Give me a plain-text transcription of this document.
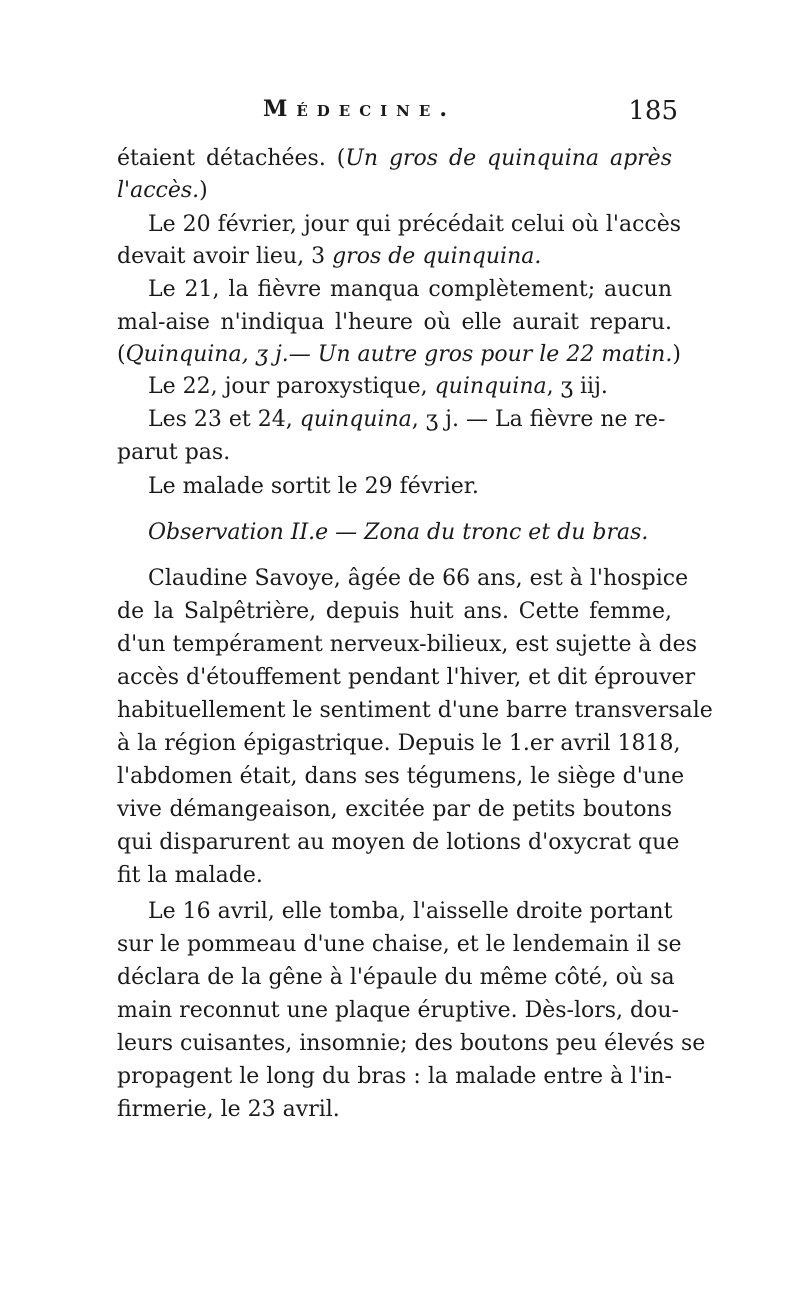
Médecine.	185
étaient détachées. (Un gros de quinquina après
l'accès.)
Le 20 février, jour qui précédait celui où l'accès
devait avoir lieu, 3 gros de quinquina.
Le 21, la fièvre manqua complètement; aucun
mal-aise n'indiqua l'heure où elle aurait reparu.
(Quinquina, ʒ j.— Un autre gros pour le 22 matin.)
Le 22, jour paroxystique, quinquina, ʒ iij.
Les 23 et 24, quinquina, ʒ j. — La fièvre ne re-
parut pas.
Le malade sortit le 29 février.
Observation II.e — Zona du tronc et du bras.
Claudine Savoye, âgée de 66 ans, est à l'hospice
de la Salpêtrière, depuis huit ans. Cette femme,
d'un tempérament nerveux-bilieux, est sujette à des
accès d'étouffement pendant l'hiver, et dit éprouver
habituellement le sentiment d'une barre transversale
à la région épigastrique. Depuis le 1.er avril 1818,
l'abdomen était, dans ses tégumens, le siège d'une
vive démangeaison, excitée par de petits boutons
qui disparurent au moyen de lotions d'oxycrat que
fit la malade.
Le 16 avril, elle tomba, l'aisselle droite portant
sur le pommeau d'une chaise, et le lendemain il se
déclara de la gêne à l'épaule du même côté, où sa
main reconnut une plaque éruptive. Dès-lors, dou-
leurs cuisantes, insomnie; des boutons peu élevés se
propagent le long du bras : la malade entre à l'in-
firmerie, le 23 avril.
